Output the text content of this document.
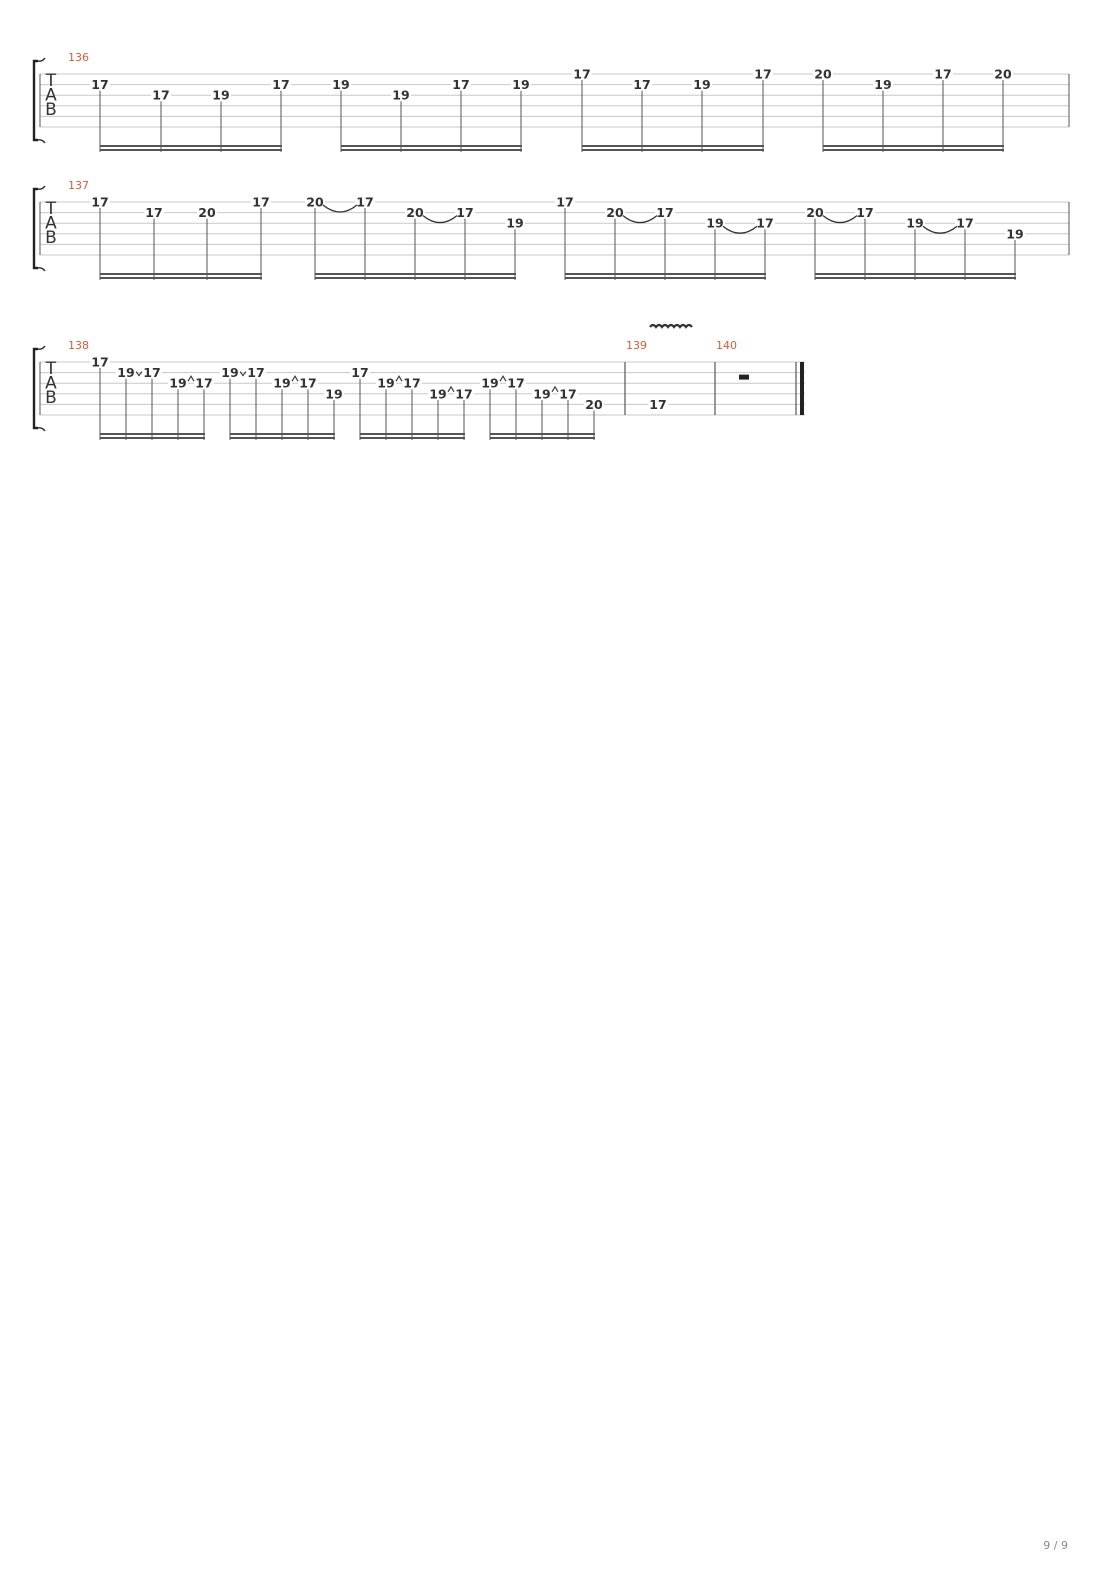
T
A
B
136
17
17	19
17	19
19
17	19
17
17	19
17	20
19
17	20
T
A
B
137
17
17	20
17	20	17
20	17
19
17
20	17
19	17
20	17
19	17
19
T
A
B
138	139	140
17
19 17
19 17
19 17
19 17
19
17
19 17
19 17
19 17
19 17
20	17
9 / 9
